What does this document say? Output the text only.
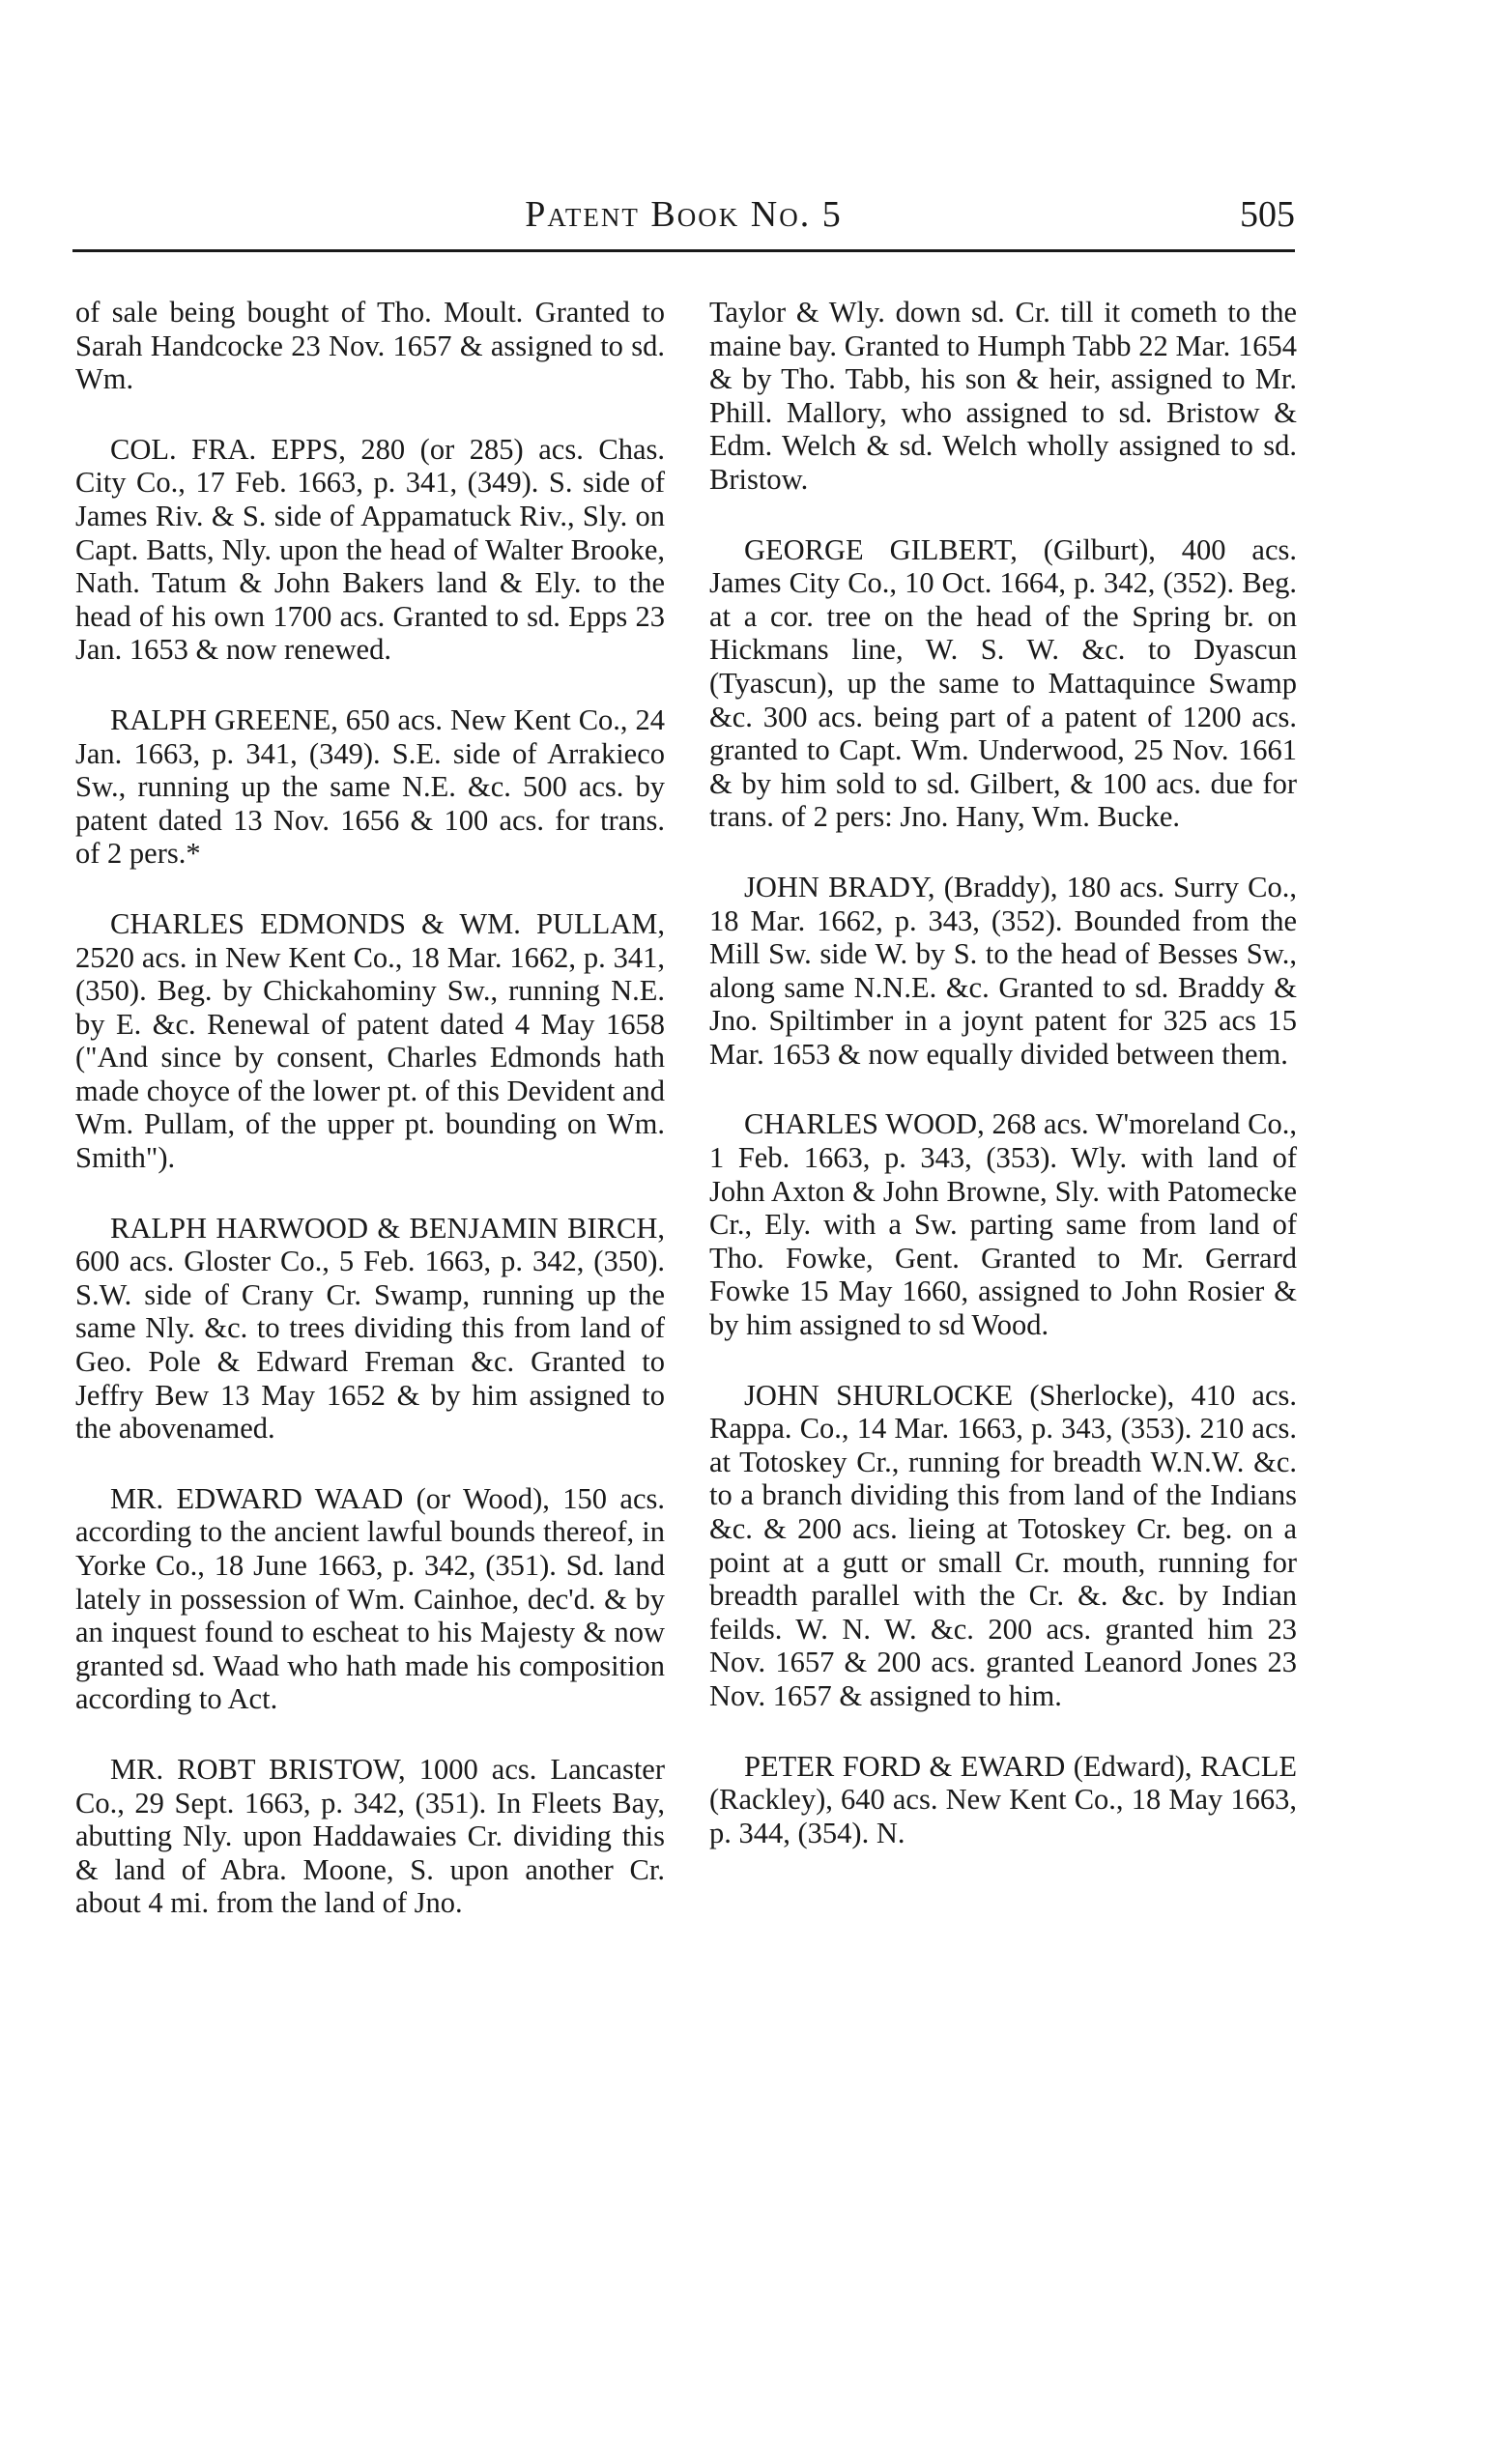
Patent Book No. 5	505

of sale being bought of Tho. Moult. Granted to Sarah Handcocke 23 Nov. 1657 & assigned to sd. Wm.

COL. FRA. EPPS, 280 (or 285) acs. Chas. City Co., 17 Feb. 1663, p. 341, (349). S. side of James Riv. & S. side of Appamatuck Riv., Sly. on Capt. Batts, Nly. upon the head of Walter Brooke, Nath. Tatum & John Bakers land & Ely. to the head of his own 1700 acs. Granted to sd. Epps 23 Jan. 1653 & now renewed.

RALPH GREENE, 650 acs. New Kent Co., 24 Jan. 1663, p. 341, (349). S.E. side of Arrakieco Sw., running up the same N.E. &c. 500 acs. by patent dated 13 Nov. 1656 & 100 acs. for trans. of 2 pers.*

CHARLES EDMONDS & WM. PULLAM, 2520 acs. in New Kent Co., 18 Mar. 1662, p. 341, (350). Beg. by Chickahominy Sw., running N.E. by E. &c. Renewal of patent dated 4 May 1658 ("And since by consent, Charles Edmonds hath made choyce of the lower pt. of this Devident and Wm. Pullam, of the upper pt. bounding on Wm. Smith").

RALPH HARWOOD & BENJAMIN BIRCH, 600 acs. Gloster Co., 5 Feb. 1663, p. 342, (350). S.W. side of Crany Cr. Swamp, running up the same Nly. &c. to trees dividing this from land of Geo. Pole & Edward Freman &c. Granted to Jeffry Bew 13 May 1652 & by him assigned to the abovenamed.

MR. EDWARD WAAD (or Wood), 150 acs. according to the ancient lawful bounds thereof, in Yorke Co., 18 June 1663, p. 342, (351). Sd. land lately in possession of Wm. Cainhoe, dec'd. & by an inquest found to escheat to his Majesty & now granted sd. Waad who hath made his composition according to Act.

MR. ROBT BRISTOW, 1000 acs. Lancaster Co., 29 Sept. 1663, p. 342, (351). In Fleets Bay, abutting Nly. upon Haddawaies Cr. dividing this & land of Abra. Moone, S. upon another Cr. about 4 mi. from the land of Jno.

Taylor & Wly. down sd. Cr. till it cometh to the maine bay. Granted to Humph Tabb 22 Mar. 1654 & by Tho. Tabb, his son & heir, assigned to Mr. Phill. Mallory, who assigned to sd. Bristow & Edm. Welch & sd. Welch wholly assigned to sd. Bristow.

GEORGE GILBERT, (Gilburt), 400 acs. James City Co., 10 Oct. 1664, p. 342, (352). Beg. at a cor. tree on the head of the Spring br. on Hickmans line, W. S. W. &c. to Dyascun (Tyascun), up the same to Mattaquince Swamp &c. 300 acs. being part of a patent of 1200 acs. granted to Capt. Wm. Underwood, 25 Nov. 1661 & by him sold to sd. Gilbert, & 100 acs. due for trans. of 2 pers: Jno. Hany, Wm. Bucke.

JOHN BRADY, (Braddy), 180 acs. Surry Co., 18 Mar. 1662, p. 343, (352). Bounded from the Mill Sw. side W. by S. to the head of Besses Sw., along same N.N.E. &c. Granted to sd. Braddy & Jno. Spiltimber in a joynt patent for 325 acs 15 Mar. 1653 & now equally divided between them.

CHARLES WOOD, 268 acs. W'moreland Co., 1 Feb. 1663, p. 343, (353). Wly. with land of John Axton & John Browne, Sly. with Patomecke Cr., Ely. with a Sw. parting same from land of Tho. Fowke, Gent. Granted to Mr. Gerrard Fowke 15 May 1660, assigned to John Rosier & by him assigned to sd Wood.

JOHN SHURLOCKE (Sherlocke), 410 acs. Rappa. Co., 14 Mar. 1663, p. 343, (353). 210 acs. at Totoskey Cr., running for breadth W.N.W. &c. to a branch dividing this from land of the Indians &c. & 200 acs. lieing at Totoskey Cr. beg. on a point at a gutt or small Cr. mouth, running for breadth parallel with the Cr. &. &c. by Indian feilds. W. N. W. &c. 200 acs. granted him 23 Nov. 1657 & 200 acs. granted Leanord Jones 23 Nov. 1657 & assigned to him.

PETER FORD & EWARD (Edward), RACLE (Rackley), 640 acs. New Kent Co., 18 May 1663, p. 344, (354). N.
